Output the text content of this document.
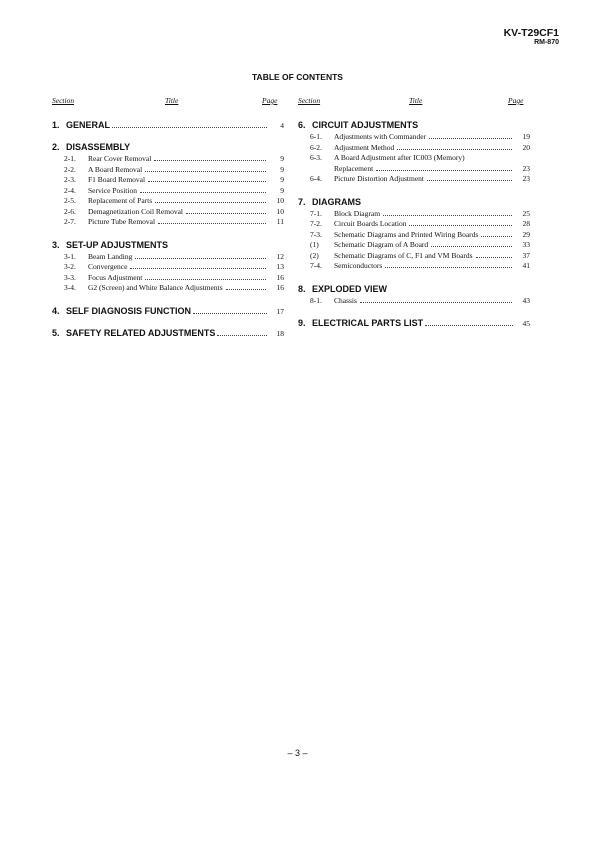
KV-T29CF1
RM-870
TABLE OF CONTENTS
Section	Title	Page	Section	Title	Page
1. GENERAL	4
2. DISASSEMBLY
2-1.	Rear Cover Removal	9
2-2.	A Board Removal	9
2-3.	F1 Board Removal	9
2-4.	Service Position	9
2-5.	Replacement of Parts	10
2-6.	Demagnetization Coil Removal	10
2-7.	Picture Tube Removal	11
3. SET-UP ADJUSTMENTS
3-1.	Beam Landing	12
3-2.	Convergence	13
3-3.	Focus Adjustment	16
3-4.	G2 (Screen) and White Balance Adjustments	16
4. SELF DIAGNOSIS FUNCTION	17
5. SAFETY RELATED ADJUSTMENTS	18
6. CIRCUIT ADJUSTMENTS
6-1.	Adjustments with Commander	19
6-2.	Adjustment Method	20
6-3.	A Board Adjustment after IC003 (Memory)
Replacement	23
6-4.	Picture Distortion Adjustment	23
7. DIAGRAMS
7-1.	Block Diagram	25
7-2.	Circuit Boards Location	28
7-3.	Schematic Diagrams and Printed Wiring Boards	29
(1)	Schematic Diagram of A Board	33
(2)	Schematic Diagrams of C, F1 and VM Boards	37
7-4.	Semiconductors	41
8. EXPLODED VIEW
8-1.	Chassis	43
9. ELECTRICAL PARTS LIST	45
– 3 –
